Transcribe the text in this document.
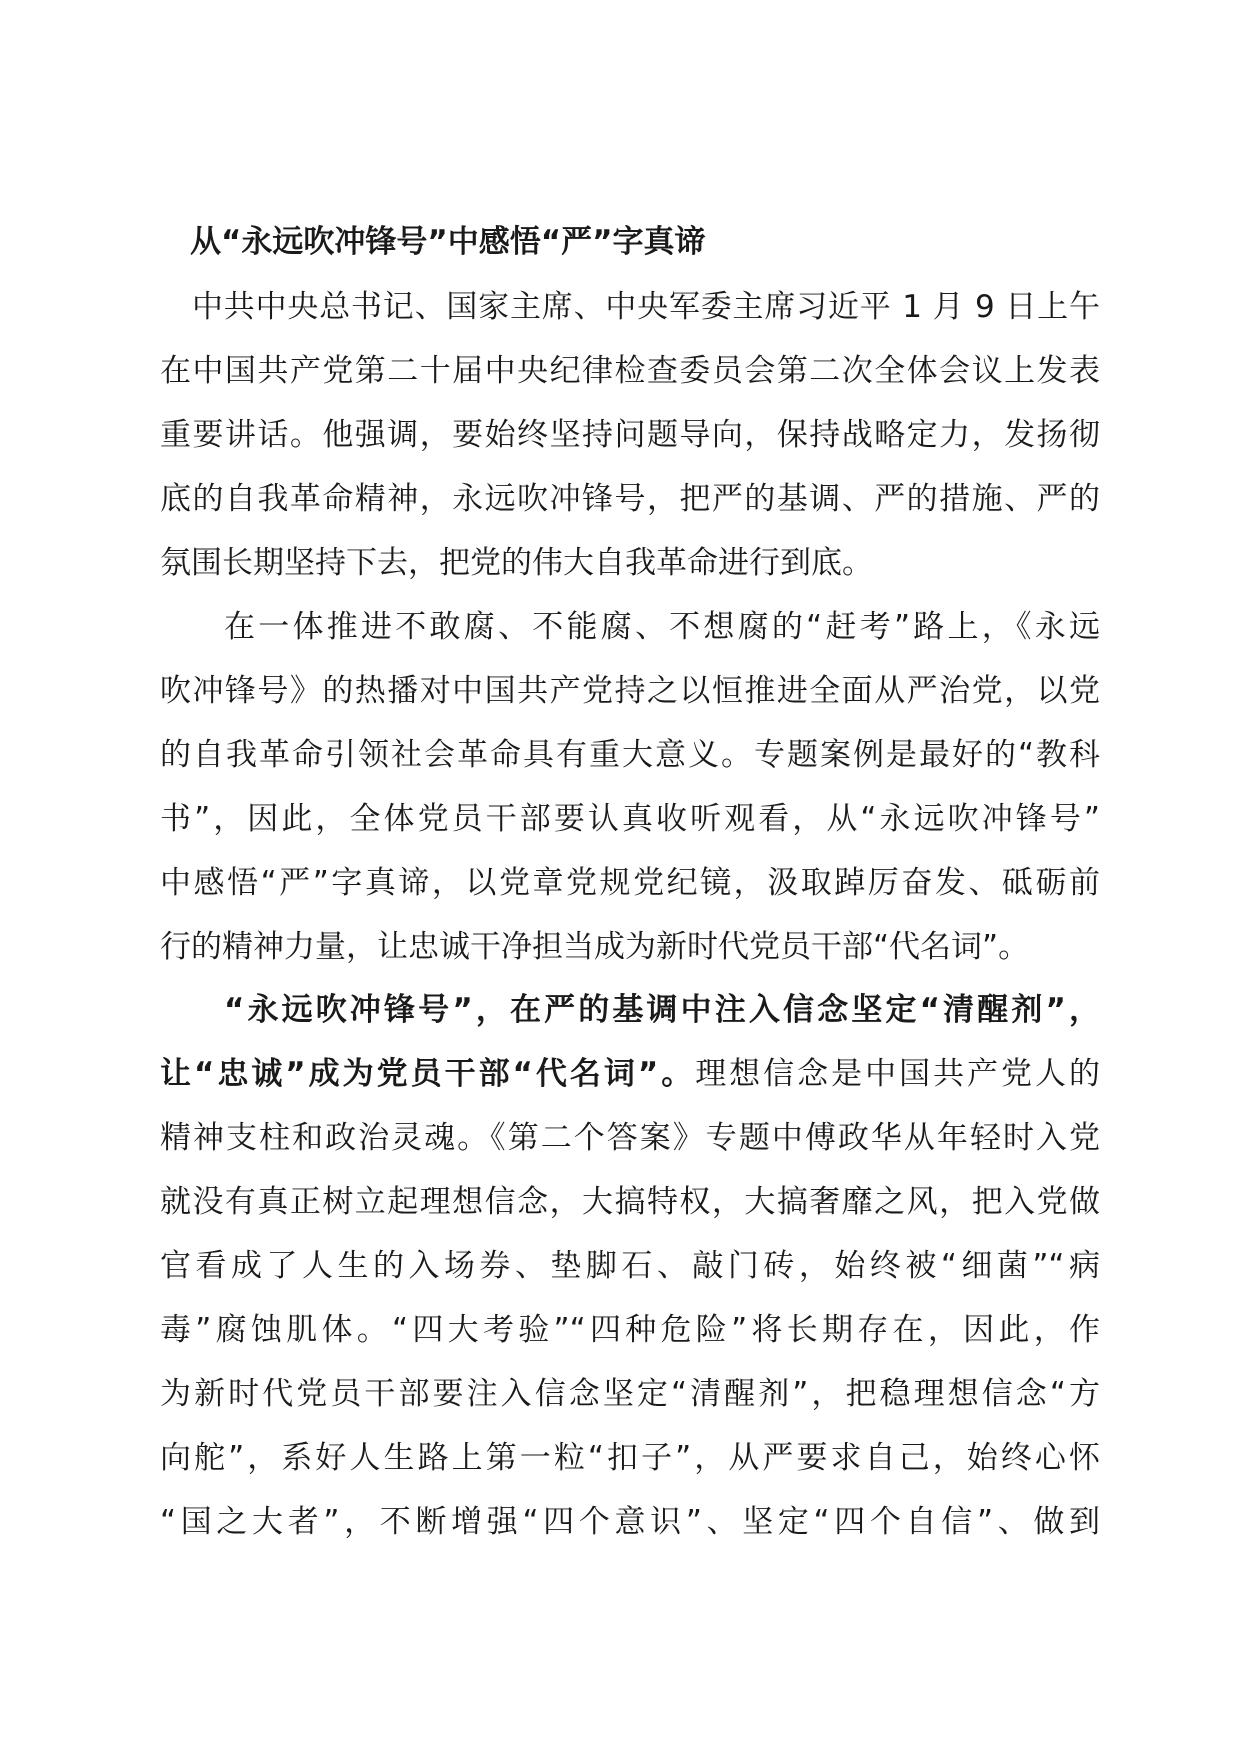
从“永远吹冲锋号”中感悟“严”字真谛
中共中央总书记、国家主席、中央军委主席习近平 1 月 9 日上午
在中国共产党第二十届中央纪律检查委员会第二次全体会议上发表
重要讲话。他强调，要始终坚持问题导向，保持战略定力，发扬彻
底的自我革命精神，永远吹冲锋号，把严的基调、严的措施、严的
氛围长期坚持下去，把党的伟大自我革命进行到底。
在一体推进不敢腐、不能腐、不想腐的“赶考”路上，《永远
吹冲锋号》的热播对中国共产党持之以恒推进全面从严治党，以党
的自我革命引领社会革命具有重大意义。专题案例是最好的“教科
书”，因此，全体党员干部要认真收听观看，从“永远吹冲锋号”
中感悟“严”字真谛，以党章党规党纪镜，汲取踔厉奋发、砥砺前
行的精神力量，让忠诚干净担当成为新时代党员干部“代名词”。
“永远吹冲锋号”，在严的基调中注入信念坚定“清醒剂”，
让“忠诚”成为党员干部“代名词”。理想信念是中国共产党人的
精神支柱和政治灵魂。《第二个答案》专题中傅政华从年轻时入党
就没有真正树立起理想信念，大搞特权，大搞奢靡之风，把入党做
官看成了人生的入场券、垫脚石、敲门砖，始终被“细菌”“病
毒”腐蚀肌体。“四大考验”“四种危险”将长期存在，因此，作
为新时代党员干部要注入信念坚定“清醒剂”，把稳理想信念“方
向舵”，系好人生路上第一粒“扣子”，从严要求自己，始终心怀
“国之大者”，不断增强“四个意识”、坚定“四个自信”、做到
